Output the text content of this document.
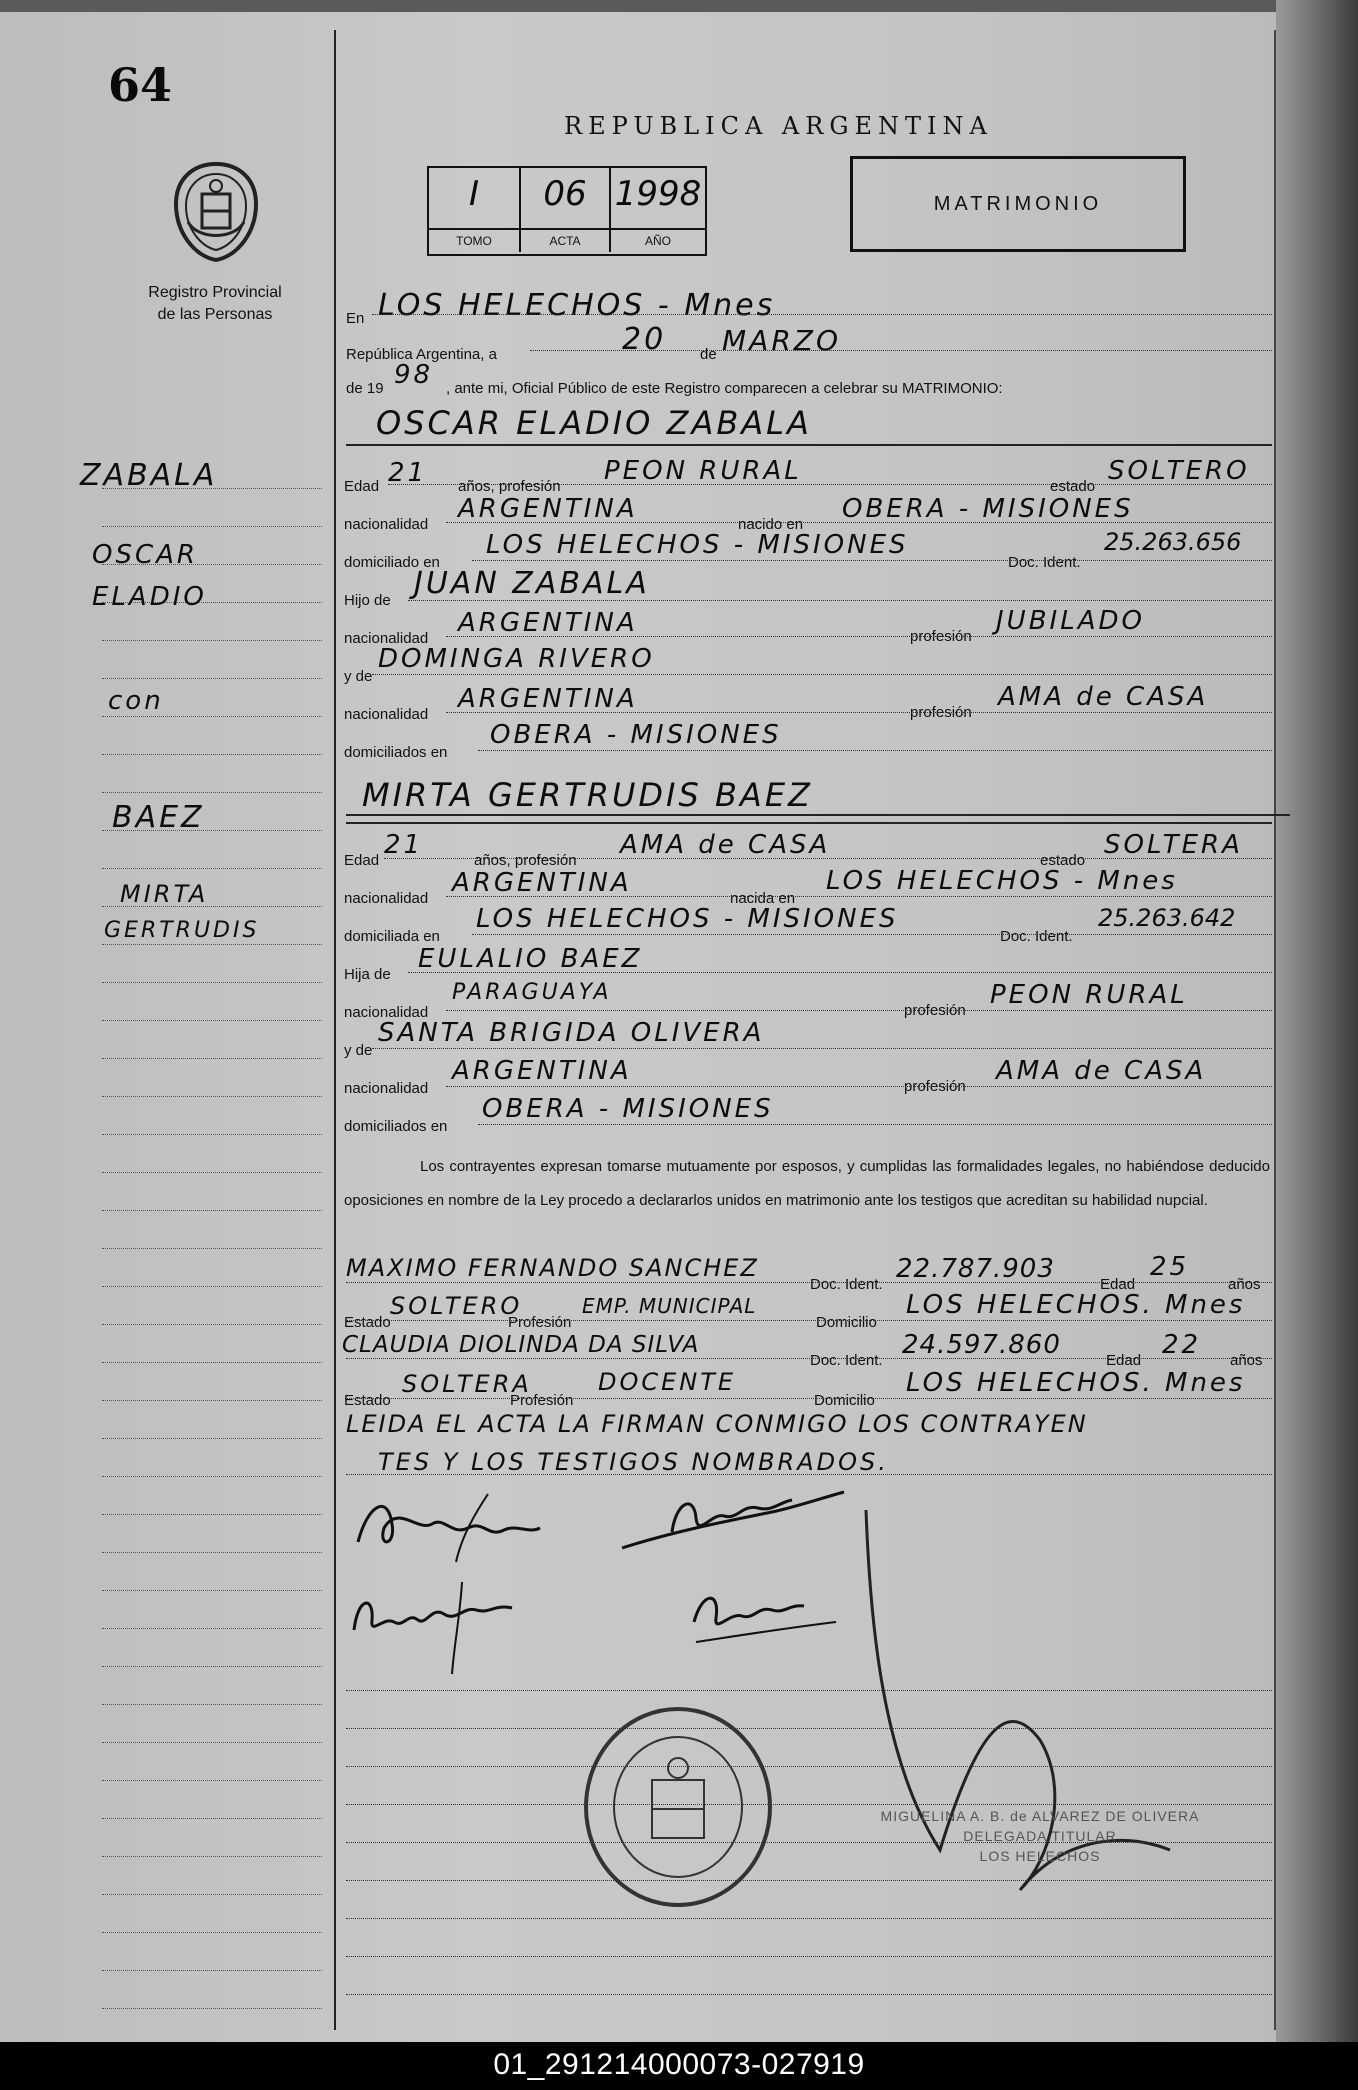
64
Registro Provincial
de las Personas
REPUBLICA ARGENTINA
I	06 1998
TOMO	ACTA	AÑO
MATRIMONIO
ZABALA
OSCAR
ELADIO
con
BAEZ
MIRTA
GERTRUDIS
En LOS HELECHOS - Mnes
República Argentina, a	20 de MARZO
de 19 98 , ante mi, Oficial Público de este Registro comparecen a celebrar su MATRIMONIO:
OSCAR ELADIO ZABALA
Edad 21 años, profesión
PEON RURAL
estado
SOLTERO
nacionalidad
ARGENTINA
nacido en
OBERA - MISIONES
domiciliado en
LOS HELECHOS - MISIONES
Doc. Ident.
25.263.656
Hijo de JUAN ZABALA
nacionalidad
ARGENTINA	profesión
JUBILADO
y de
DOMINGA RIVERO
nacionalidad
ARGENTINA	profesión
AMA de CASA
domiciliados en
OBERA - MISIONES
MIRTA GERTRUDIS BAEZ
Edad
21
años, profesión
AMA de CASA
estado
SOLTERA
nacionalidad
ARGENTINA
nacida en
LOS HELECHOS - Mnes
domiciliada en
LOS HELECHOS - MISIONES
Doc. Ident.
25.263.642
Hija de
EULALIO BAEZ
nacionalidad
PARAGUAYA
profesión
PEON RURAL
y de
SANTA BRIGIDA OLIVERA
nacionalidad
ARGENTINA
profesión
AMA de CASA
domiciliados en
OBERA - MISIONES
Los contrayentes expresan tomarse mutuamente por esposos, y cumplidas las formalidades legales, no habiéndose deducido oposiciones en nombre de la Ley procedo a declararlos unidos en matrimonio ante los testigos que acreditan su habilidad nupcial.
MAXIMO FERNANDO SANCHEZ
Doc. Ident.
22.787.903
Edad
25
años
Estado
SOLTERO
Profesión
EMP. MUNICIPAL
Domicilio
LOS HELECHOS. Mnes
CLAUDIA DIOLINDA DA SILVA
Doc. Ident.
24.597.860
Edad
22
años
Estado
SOLTERA
Profesión
DOCENTE
Domicilio
LOS HELECHOS. Mnes
LEIDA EL ACTA LA FIRMAN CONMIGO LOS CONTRAYEN
TES Y LOS TESTIGOS NOMBRADOS.
MIGUELINA A. B. de ALVAREZ DE OLIVERA
DELEGADA TITULAR
LOS HELECHOS
01_291214000073-027919
